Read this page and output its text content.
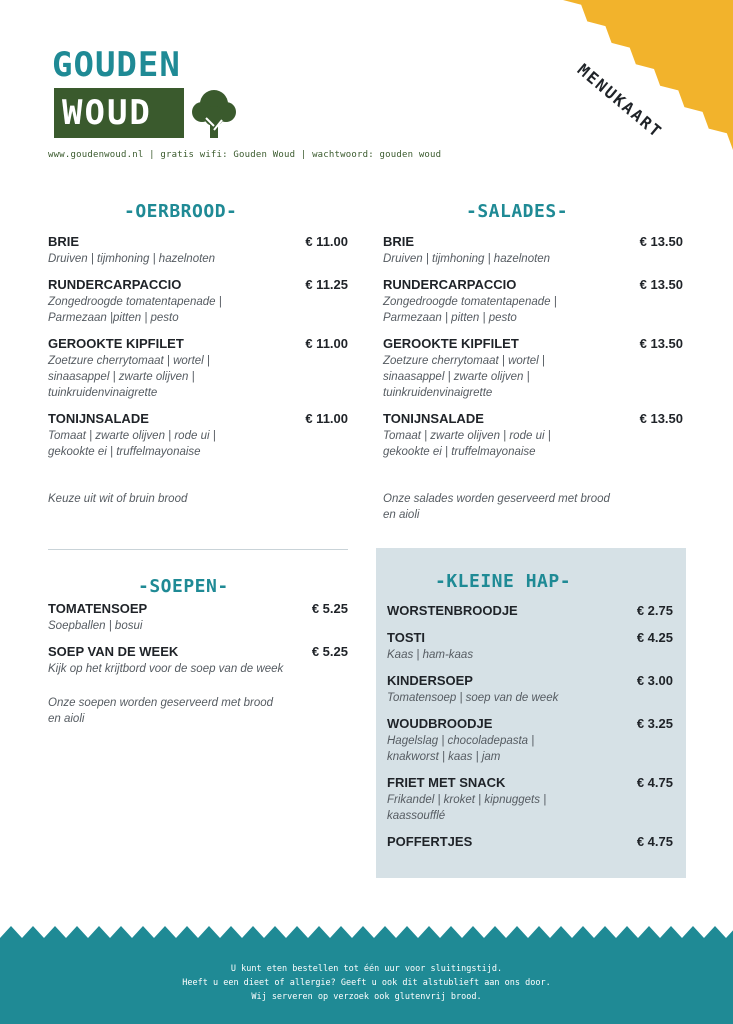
GOUDEN
WOUD
www.goudenwoud.nl | gratis wifi: Gouden Woud | wachtwoord: gouden woud
MENUKAART
-OERBROOD-	-SALADES-
-SOEPEN-
BRIE	€ 11.00
Druiven | tijmhoning | hazelnoten
RUNDERCARPACCIO	€ 11.25
Zongedroogde tomatentapenade |
Parmezaan |pitten | pesto
GEROOKTE KIPFILET	€ 11.00
Zoetzure cherrytomaat | wortel |
sinaasappel | zwarte olijven |
tuinkruidenvinaigrette
TONIJNSALADE	€ 11.00
Tomaat | zwarte olijven | rode ui |
gekookte ei | truffelmayonaise
BRIE	€ 13.50
Druiven | tijmhoning | hazelnoten
RUNDERCARPACCIO	€ 13.50
Zongedroogde tomatentapenade |
Parmezaan | pitten | pesto
GEROOKTE KIPFILET	€ 13.50
Zoetzure cherrytomaat | wortel |
sinaasappel | zwarte olijven |
tuinkruidenvinaigrette
TONIJNSALADE	€ 13.50
Tomaat | zwarte olijven | rode ui |
gekookte ei | truffelmayonaise
Keuze uit wit of bruin brood	Onze salades worden geserveerd met brood
en aioli
TOMATENSOEP	€ 5.25
Soepballen | bosui
SOEP VAN DE WEEK	€ 5.25
Kijk op het krijtbord voor de soep van de week
Onze soepen worden geserveerd met brood
en aioli
-KLEINE HAP-
WORSTENBROODJE	€ 2.75
TOSTI	€ 4.25
Kaas | ham-kaas
KINDERSOEP	€ 3.00
Tomatensoep | soep van de week
WOUDBROODJE	€ 3.25
Hagelslag | chocoladepasta |
knakworst | kaas | jam
FRIET MET SNACK	€ 4.75
Frikandel | kroket | kipnuggets |
kaassoufflé
POFFERTJES	€ 4.75
U kunt eten bestellen tot één uur voor sluitingstijd.
Heeft u een dieet of allergie? Geeft u ook dit alstublieft aan ons door.
Wij serveren op verzoek ook glutenvrij brood.
